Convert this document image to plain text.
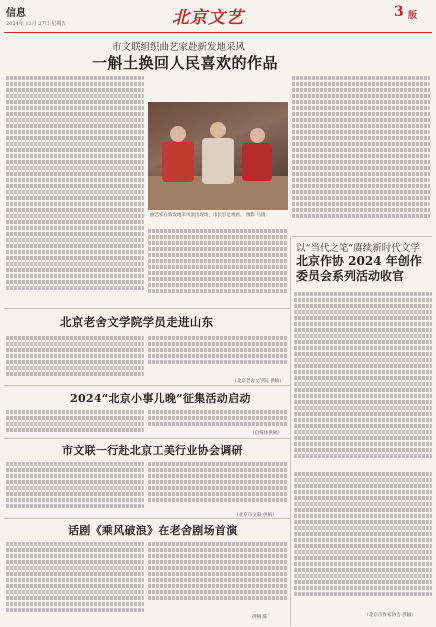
信息
2024年 12月 27日 星期五	北京文艺	3 版
市文联组织曲艺家赴新发地采风
一斛土换回人民喜欢的作品
曲艺家在新发地采风演出现场，市民驻足观看。 摄影 马镇
北京老舍文学院学员走进山东
（北京老舍文学院 供稿）
2024“北京小事儿晚”征集活动启动
（自媒体供稿）
市文联一行赴北京工美行业协会调研
（北京市文联 供稿）
话剧《乘风破浪》在老舍剧场首演
供稿 陈
以“当代之笔”赓续新时代文学
北京作协 2024 年创作委员会系列活动收官
（北京市作家协会 供稿）
